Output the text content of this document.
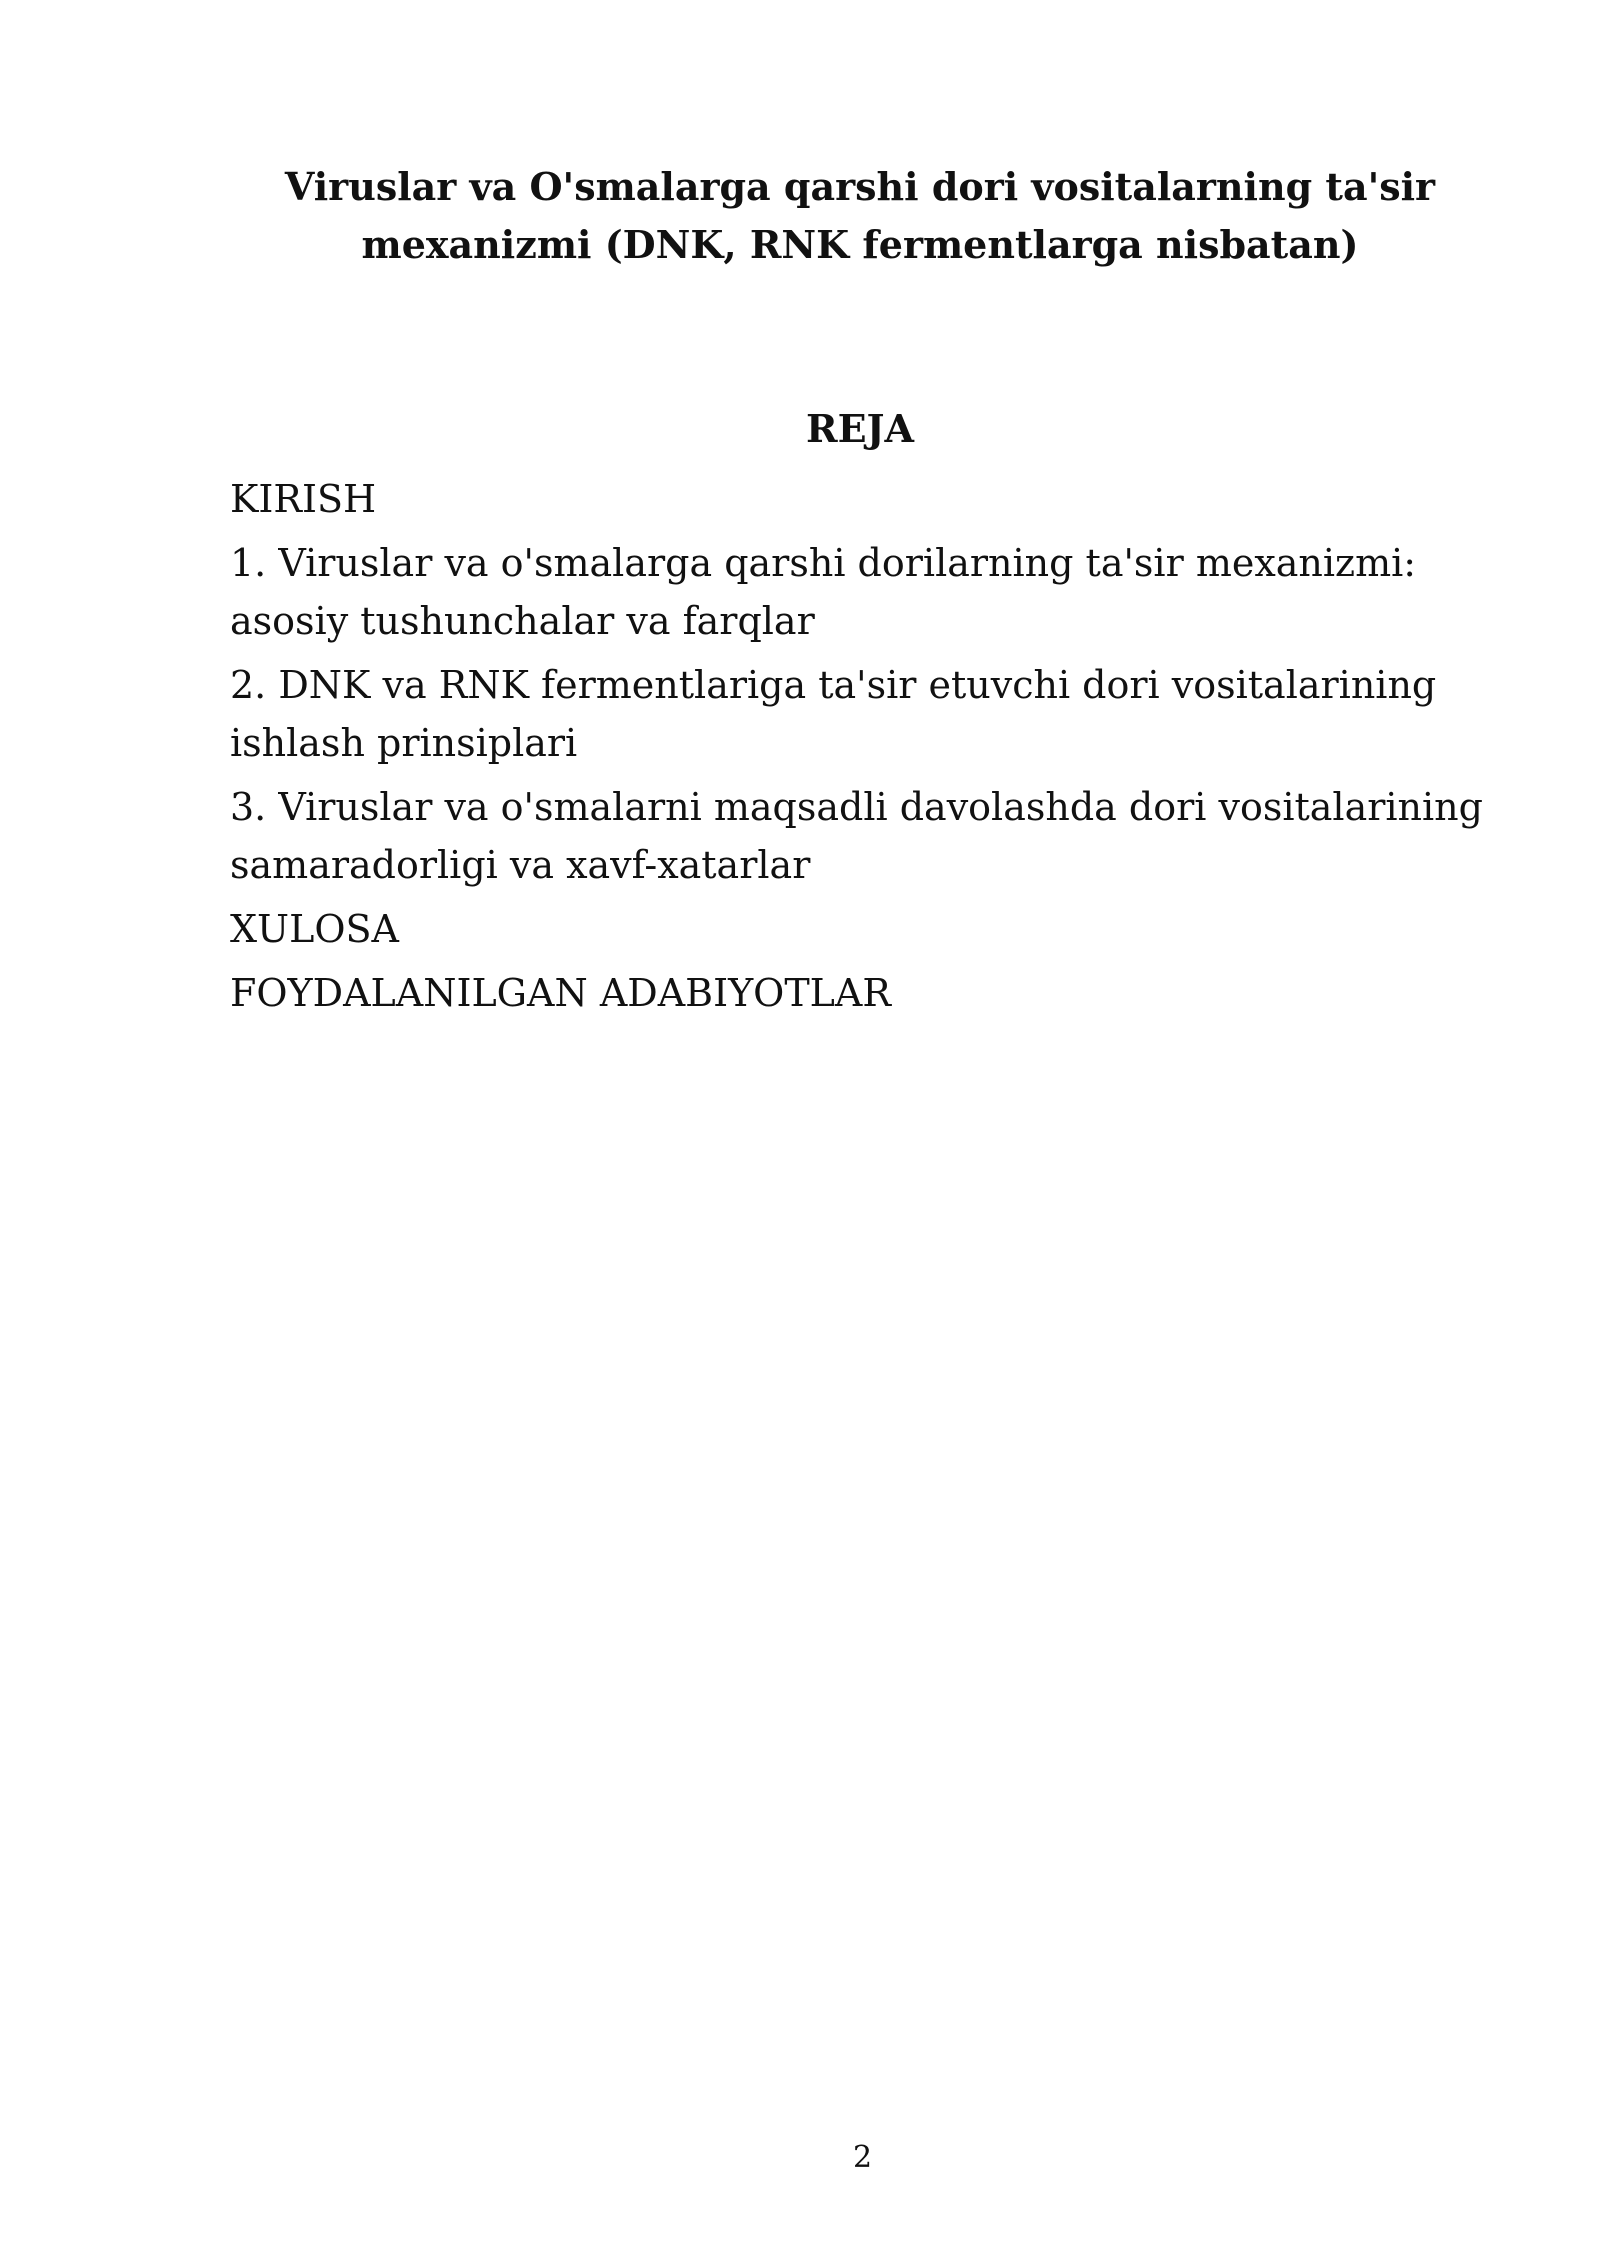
Viruslar va O'smalarga qarshi dori vositalarning ta'sir mexanizmi (DNK, RNK fermentlarga nisbatan)
REJA
KIRISH
1. Viruslar va o'smalarga qarshi dorilarning ta'sir mexanizmi: asosiy tushunchalar va farqlar
2. DNK va RNK fermentlariga ta'sir etuvchi dori vositalarining ishlash prinsiplari
3. Viruslar va o'smalarni maqsadli davolashda dori vositalarining samaradorligi va xavf-xatarlar
XULOSA
FOYDALANILGAN ADABIYOTLAR
2
